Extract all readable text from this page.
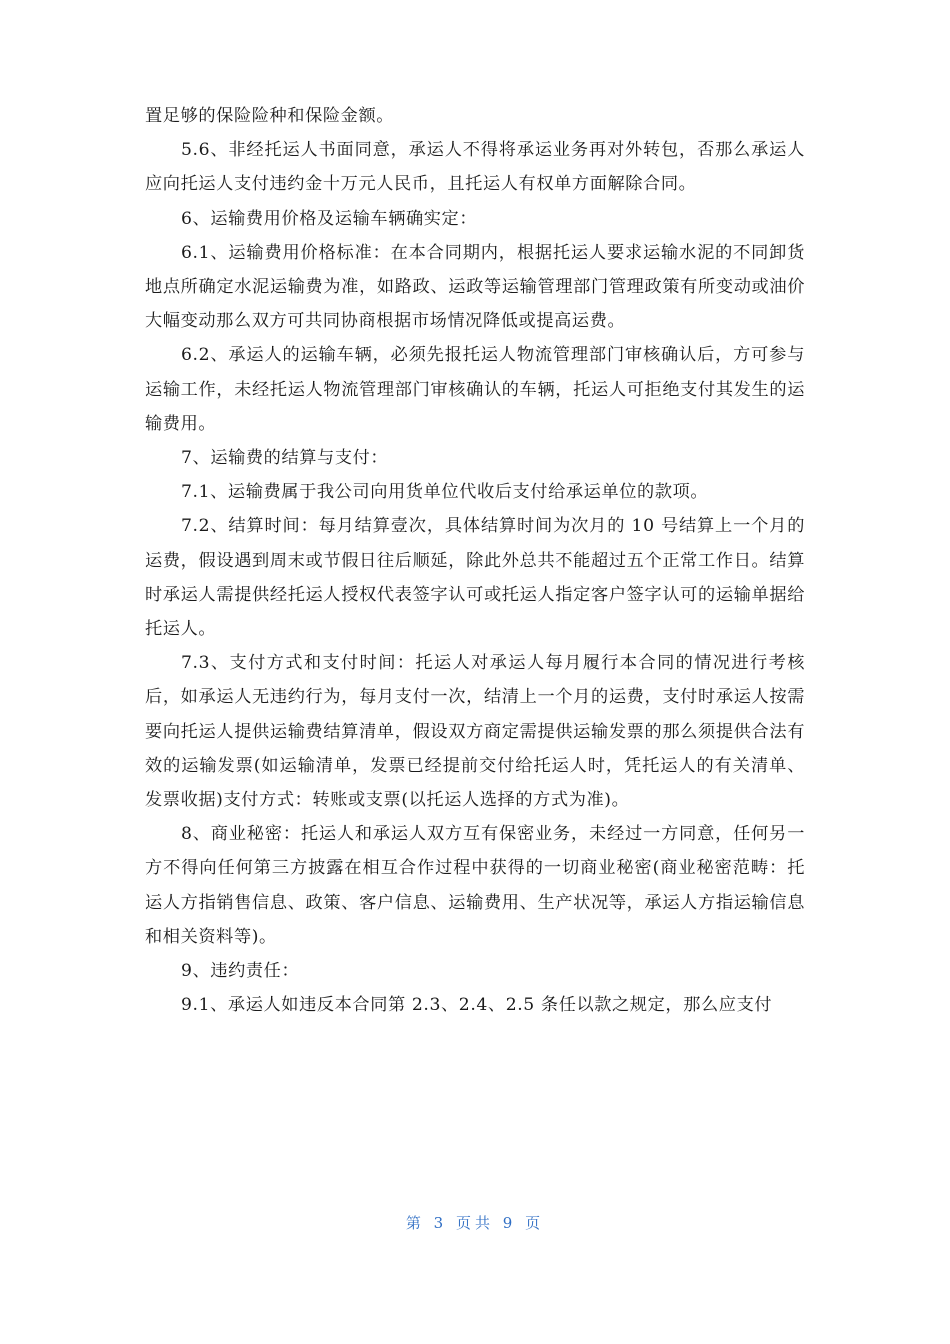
置足够的保险险种和保险金额。

5.6、非经托运人书面同意，承运人不得将承运业务再对外转包，否那么承运人应向托运人支付违约金十万元人民币，且托运人有权单方面解除合同。

6、运输费用价格及运输车辆确实定：

6.1、运输费用价格标准：在本合同期内，根据托运人要求运输水泥的不同卸货地点所确定水泥运输费为准，如路政、运政等运输管理部门管理政策有所变动或油价大幅变动那么双方可共同协商根据市场情况降低或提高运费。

6.2、承运人的运输车辆，必须先报托运人物流管理部门审核确认后，方可参与运输工作，未经托运人物流管理部门审核确认的车辆，托运人可拒绝支付其发生的运输费用。

7、运输费的结算与支付：

7.1、运输费属于我公司向用货单位代收后支付给承运单位的款项。

7.2、结算时间：每月结算壹次，具体结算时间为次月的 10 号结算上一个月的运费，假设遇到周末或节假日往后顺延，除此外总共不能超过五个正常工作日。结算时承运人需提供经托运人授权代表签字认可或托运人指定客户签字认可的运输单据给托运人。

7.3、支付方式和支付时间：托运人对承运人每月履行本合同的情况进行考核后，如承运人无违约行为，每月支付一次，结清上一个月的运费，支付时承运人按需要向托运人提供运输费结算清单，假设双方商定需提供运输发票的那么须提供合法有效的运输发票(如运输清单，发票已经提前交付给托运人时，凭托运人的有关清单、发票收据)支付方式：转账或支票(以托运人选择的方式为准)。

8、商业秘密：托运人和承运人双方互有保密业务，未经过一方同意，任何另一方不得向任何第三方披露在相互合作过程中获得的一切商业秘密(商业秘密范畴：托运人方指销售信息、政策、客户信息、运输费用、生产状况等，承运人方指运输信息和相关资料等)。

9、违约责任：

9.1、承运人如违反本合同第 2.3、2.4、2.5 条任以款之规定，那么应支付

第 3 页共 9 页
